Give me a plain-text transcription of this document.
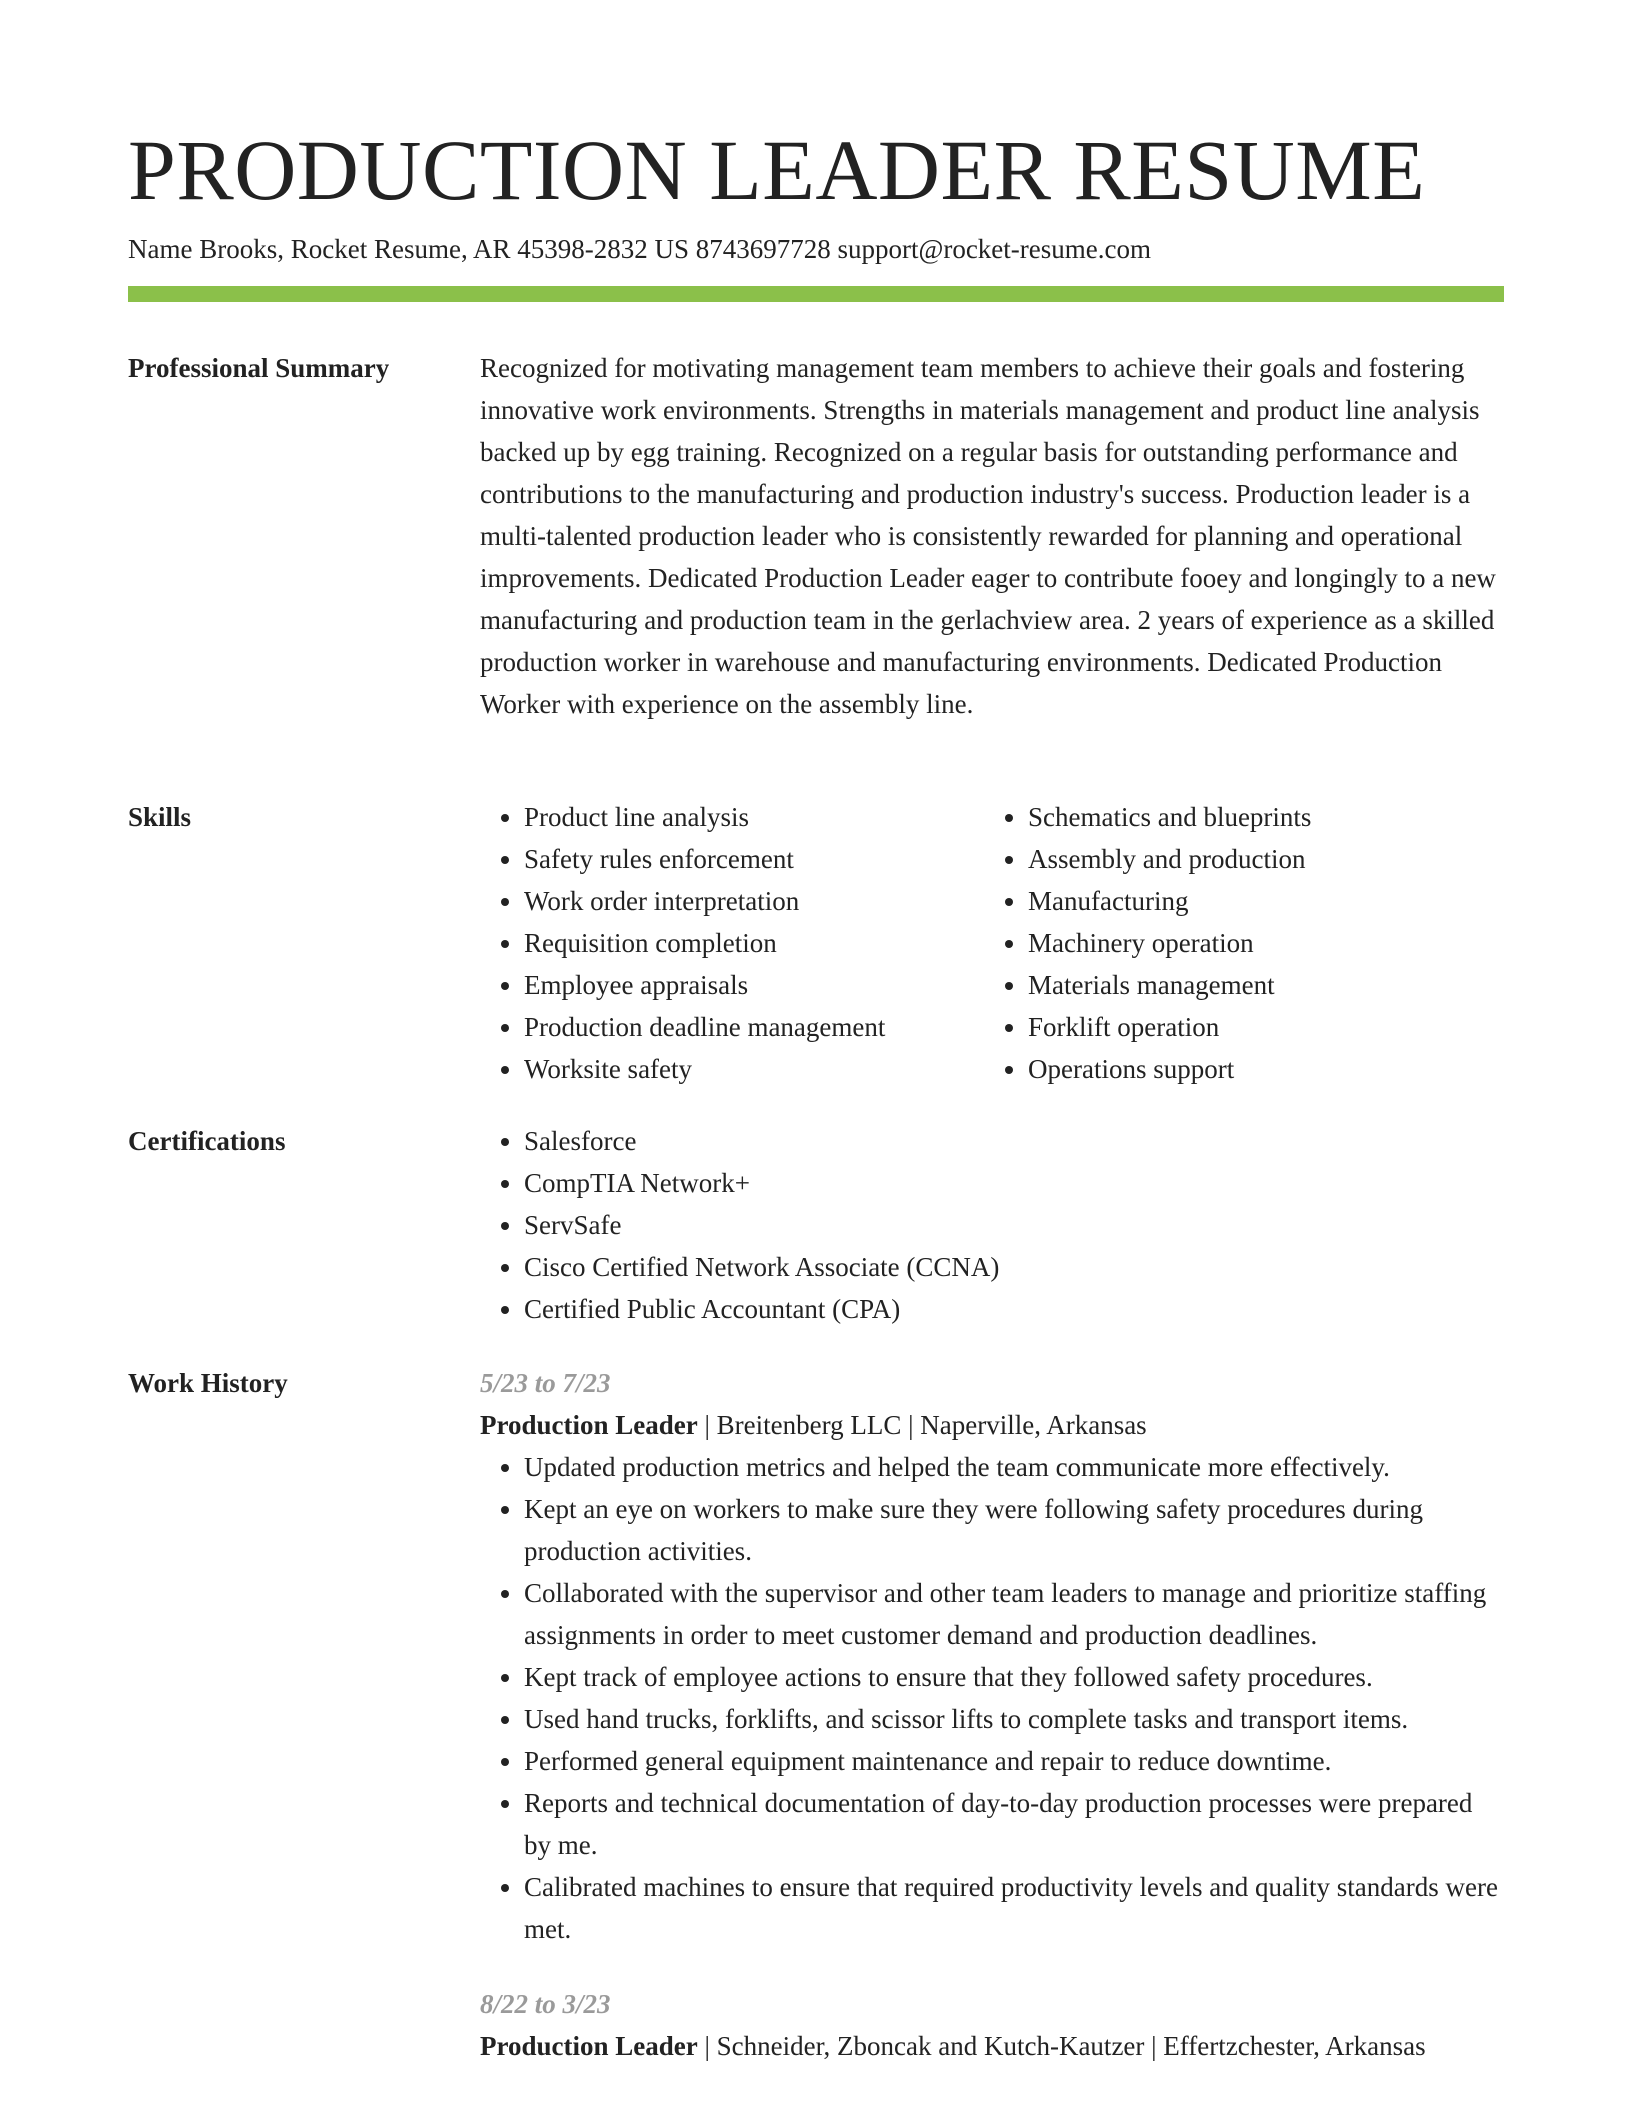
PRODUCTION LEADER RESUME
Name Brooks, Rocket Resume, AR 45398-2832 US 8743697728 support@rocket-resume.com
Professional Summary	Recognized for motivating management team members to achieve their goals and fostering innovative work environments. Strengths in materials management and product line analysis backed up by egg training. Recognized on a regular basis for outstanding performance and contributions to the manufacturing and production industry's success. Production leader is a multi-talented production leader who is consistently rewarded for planning and operational improvements. Dedicated Production Leader eager to contribute fooey and longingly to a new manufacturing and production team in the gerlachview area. 2 years of experience as a skilled production worker in warehouse and manufacturing environments. Dedicated Production Worker with experience on the assembly line.

Skills	• Product line analysis
• Safety rules enforcement
• Work order interpretation
• Requisition completion
• Employee appraisals
• Production deadline management
• Worksite safety
• Schematics and blueprints
• Assembly and production
• Manufacturing
• Machinery operation
• Materials management
• Forklift operation
• Operations support
Certifications	• Salesforce
• CompTIA Network+
• ServSafe
• Cisco Certified Network Associate (CCNA)
• Certified Public Accountant (CPA)
Work History	5/23 to 7/23
Production Leader | Breitenberg LLC | Naperville, Arkansas
• Updated production metrics and helped the team communicate more effectively.
• Kept an eye on workers to make sure they were following safety procedures during production activities.
• Collaborated with the supervisor and other team leaders to manage and prioritize staffing assignments in order to meet customer demand and production deadlines.
• Kept track of employee actions to ensure that they followed safety procedures.
• Used hand trucks, forklifts, and scissor lifts to complete tasks and transport items.
• Performed general equipment maintenance and repair to reduce downtime.
• Reports and technical documentation of day-to-day production processes were prepared by me.
• Calibrated machines to ensure that required productivity levels and quality standards were met.
8/22 to 3/23
Production Leader | Schneider, Zboncak and Kutch-Kautzer | Effertzchester, Arkansas
